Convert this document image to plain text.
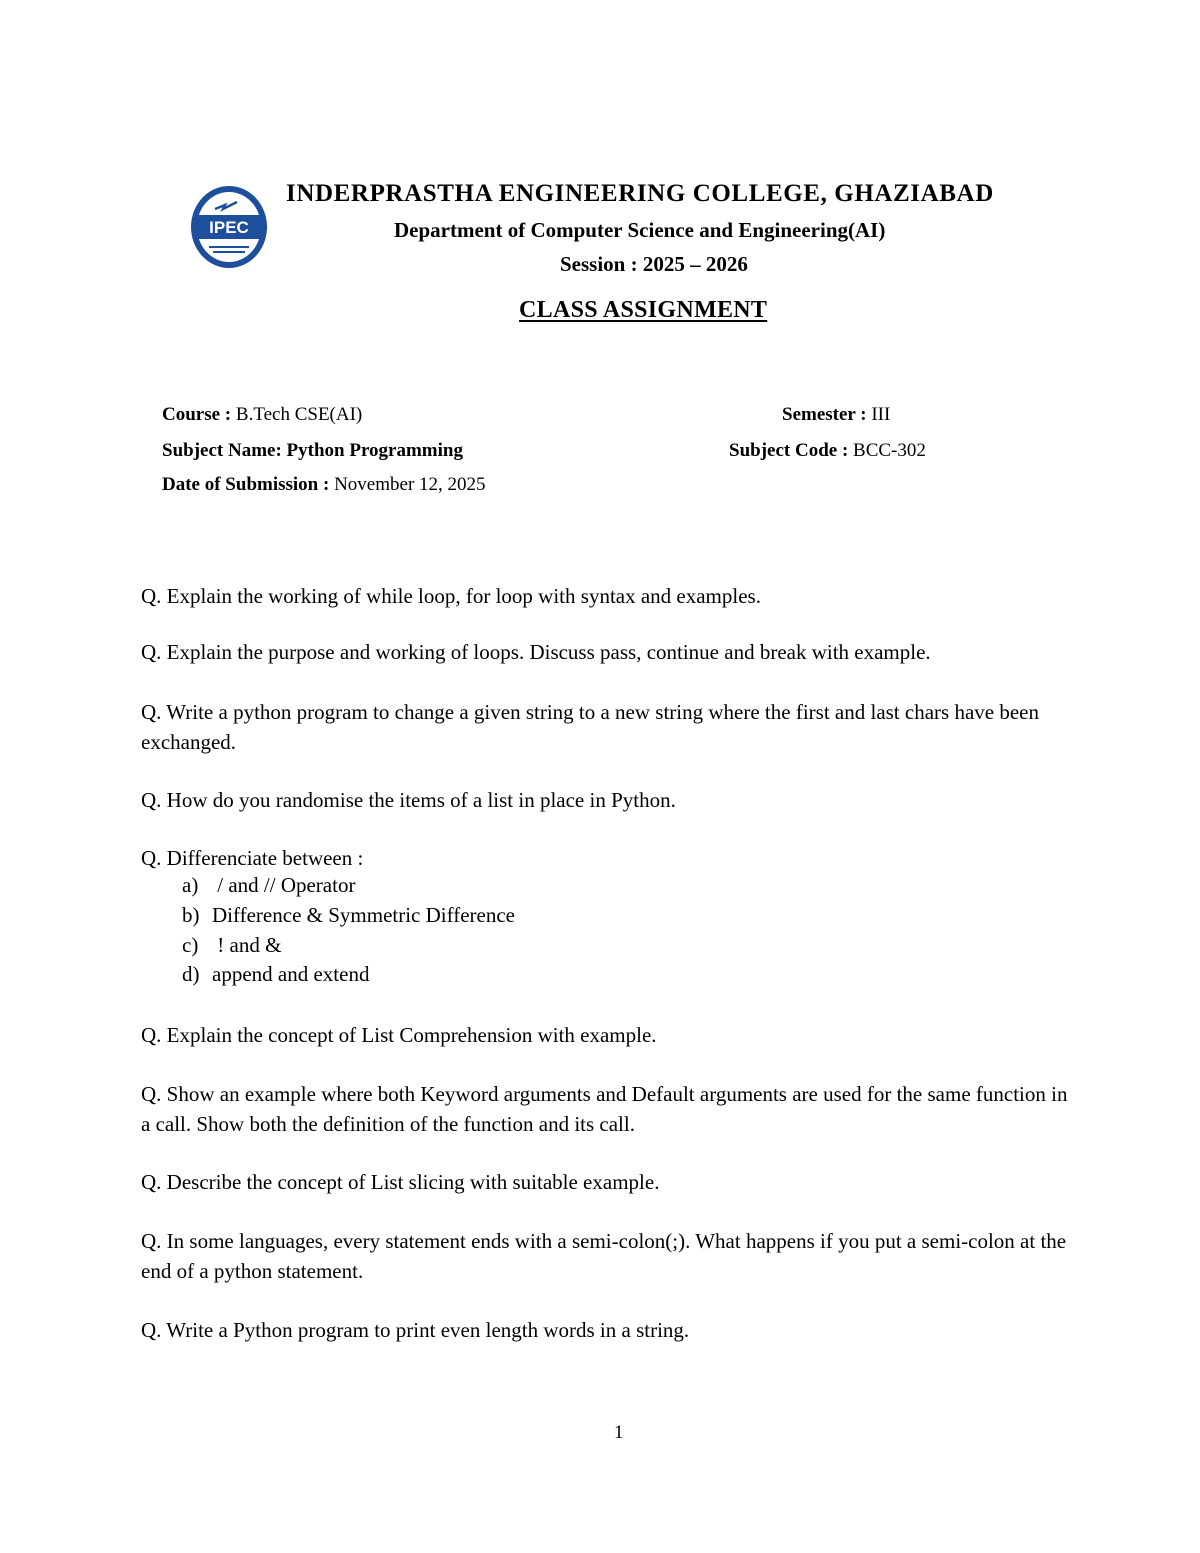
IPEC
INDERPRASTHA ENGINEERING COLLEGE, GHAZIABAD
Department of Computer Science and Engineering(AI)
Session : 2025 – 2026
CLASS ASSIGNMENT
Course : B.Tech CSE(AI)	Semester : III
Subject Name: Python Programming	Subject Code : BCC-302
Date of Submission : November 12, 2025
Q. Explain the working of while loop, for loop with syntax and examples.
Q. Explain the purpose and working of loops. Discuss pass, continue and break with example.
Q. Write a python program to change a given string to a new string where the first and last chars have been exchanged.
Q. How do you randomise the items of a list in place in Python.
Q. Differenciate between :
a) / and // Operator
b) Difference & Symmetric Difference
c) ! and &
d) append and extend
Q. Explain the concept of List Comprehension with example.
Q. Show an example where both Keyword arguments and Default arguments are used for the same function in a call. Show both the definition of the function and its call.
Q. Describe the concept of List slicing with suitable example.
Q. In some languages, every statement ends with a semi-colon(;). What happens if you put a semi-colon at the end of a python statement.
Q. Write a Python program to print even length words in a string.
1
